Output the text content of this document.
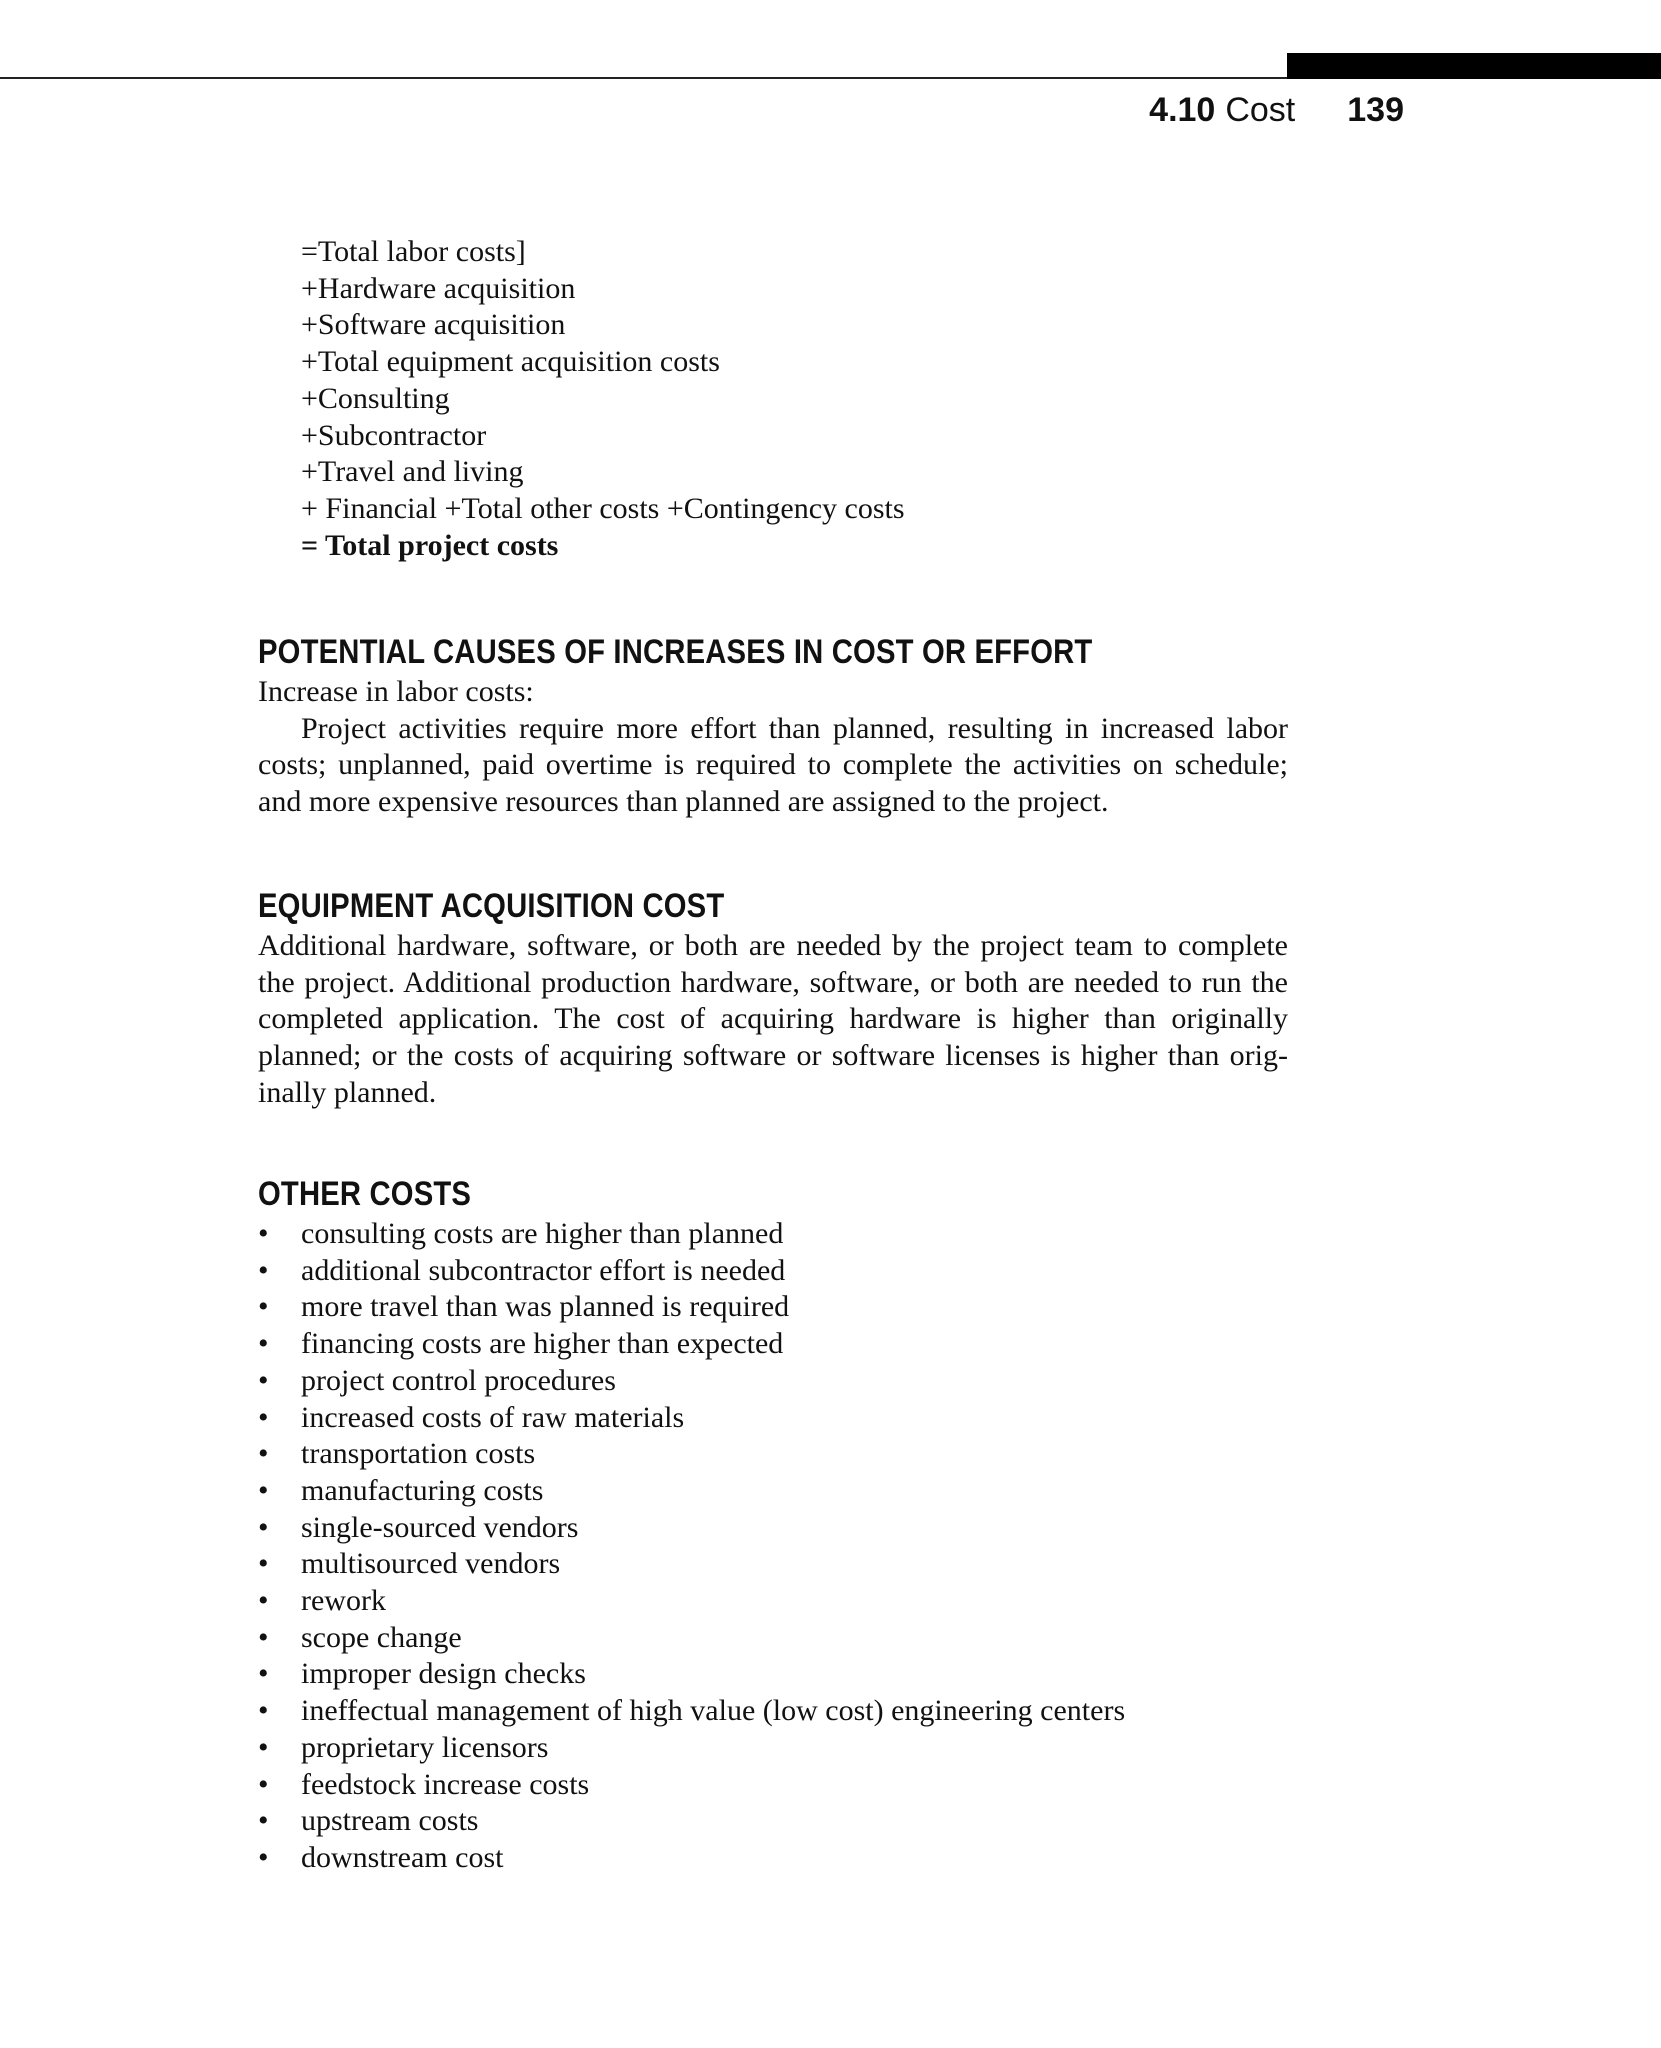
4.10 Cost 139
=Total labor costs]
+Hardware acquisition
+Software acquisition
+Total equipment acquisition costs
+Consulting
+Subcontractor
+Travel and living
+ Financial +Total other costs +Contingency costs
= Total project costs
POTENTIAL CAUSES OF INCREASES IN COST OR EFFORT

Increase in labor costs:

Project activities require more effort than planned, resulting in increased labor costs; unplanned, paid overtime is required to complete the activities on schedule; and more expensive resources than planned are assigned to the project.

EQUIPMENT ACQUISITION COST

Additional hardware, software, or both are needed by the project team to complete the project. Additional production hardware, software, or both are needed to run the completed application. The cost of acquiring hardware is higher than originally planned; or the costs of acquiring software or software licenses is higher than orig-inally planned.

OTHER COSTS
• consulting costs are higher than planned
• additional subcontractor effort is needed
• more travel than was planned is required
• financing costs are higher than expected
• project control procedures
• increased costs of raw materials
• transportation costs
• manufacturing costs
• single-sourced vendors
• multisourced vendors
• rework
• scope change
• improper design checks
• ineffectual management of high value (low cost) engineering centers
• proprietary licensors
• feedstock increase costs
• upstream costs
• downstream cost
